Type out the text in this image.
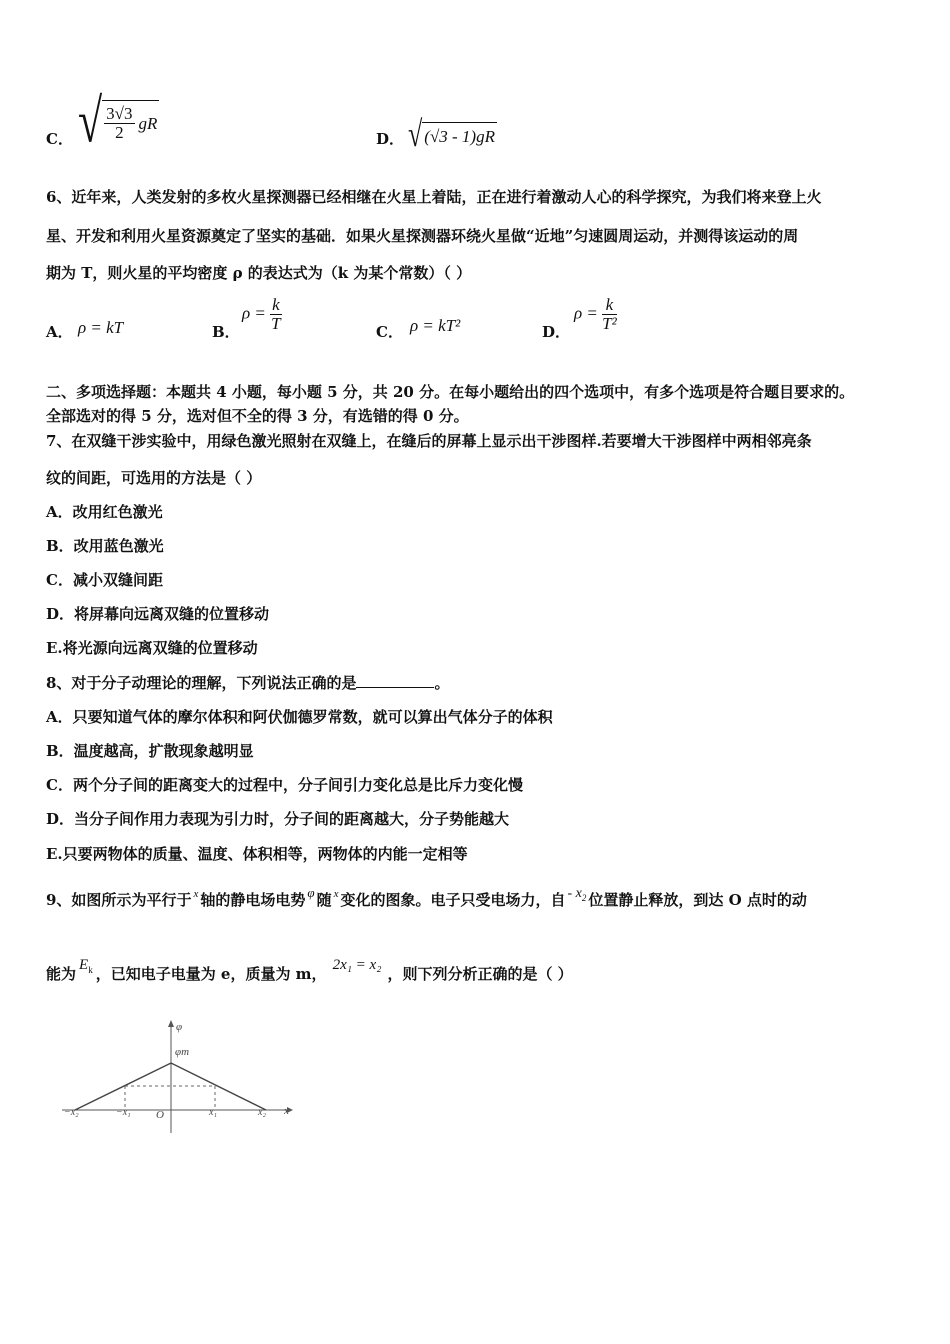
C． √ $\frac{3√3}{2}$ gR
D． √ (√3 - 1)gR
6、近年来，人类发射的多枚火星探测器已经相继在火星上着陆，正在进行着激动人心的科学探究，为我们将来登上火
星、开发和利用火星资源奠定了坚实的基础．如果火星探测器环绕火星做“近地”匀速圆周运动，并测得该运动的周
期为 T，则火星的平均密度 ρ 的表达式为（k 为某个常数）（ ）
A． ρ = kT	B．
$\rho = \frac{k}{T}$	C． ρ = kT²	D．
$\rho = \frac{k}{\text{T²}}$
二、多项选择题：本题共 4 小题，每小题 5 分，共 20 分。在每小题给出的四个选项中，有多个选项是符合题目要求的。
全部选对的得 5 分，选对但不全的得 3 分，有选错的得 0 分。
7、在双缝干涉实验中，用绿色激光照射在双缝上，在缝后的屏幕上显示出干涉图样.若要增大干涉图样中两相邻亮条
纹的间距，可选用的方法是（ ）
A．改用红色激光
B．改用蓝色激光
C．减小双缝间距
D．将屏幕向远离双缝的位置移动
E.将光源向远离双缝的位置移动
8、对于分子动理论的理解，下列说法正确的是	。
A．只要知道气体的摩尔体积和阿伏伽德罗常数，就可以算出气体分子的体积
B．温度越高，扩散现象越明显
C．两个分子间的距离变大的过程中，分子间引力变化总是比斥力变化慢
D．当分子间作用力表现为引力时，分子间的距离越大，分子势能越大
E.只要两物体的质量、温度、体积相等，两物体的内能一定相等
9、如图所示为平行于 $^x$ 轴的静电场电势 φ 随 $^x$ 变化的图象。电子只受电场力，自 - $x_2$ 位置静止释放，到达 O 点时的动
能为 $E_k$ ，已知电子电量为 e，质量为 m， 2x₁ = x₂ ，则下列分析正确的是（ ）
φ
φm
x
−x₂	−x₁ O	x₁	x₂
